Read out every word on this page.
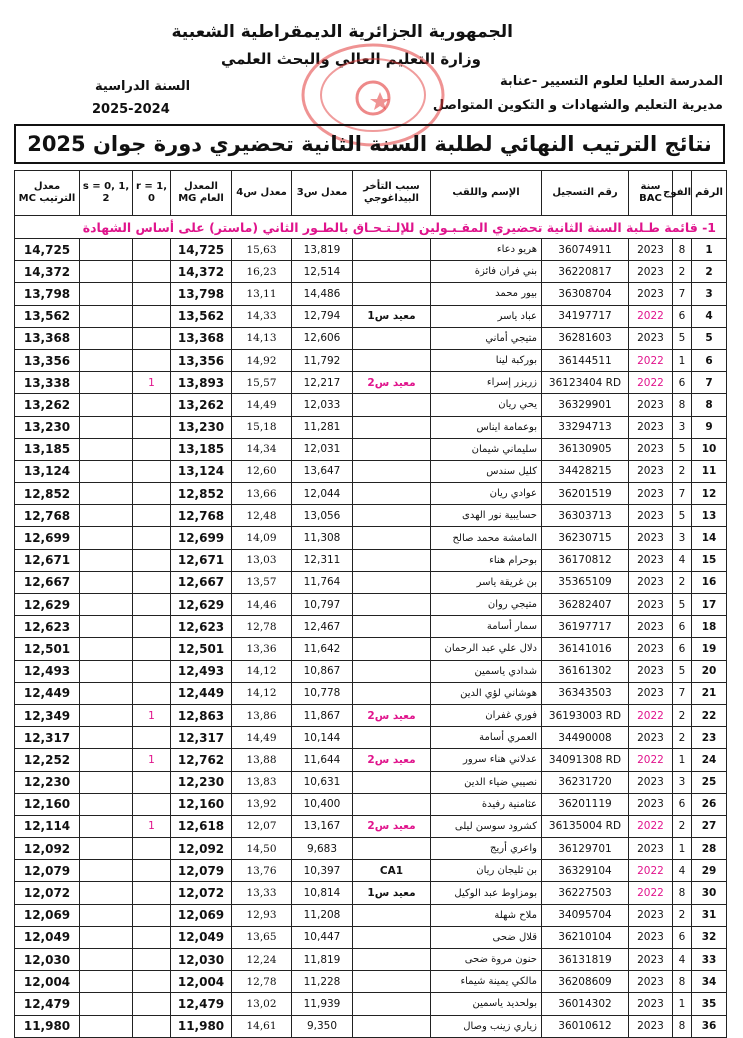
الجمهورية الجزائرية الديمقراطية الشعبية
وزارة التعليم العالي والبحث العلمي
المدرسة العليا لعلوم التسيير -عنابة
مديرية التعليم والشهادات و التكوين المتواصل
السنة الدراسية
2025-2024
نتائج الترتيب النهائي لطلبة السنة الثانية تحضيري دورة جوان 2025
الرقم	الفوج	سنة BAC	رقم التسجيل	الإسم واللقب	سبب التأخر البيداغوجي	معدل س3	معدل س4	المعدل العام MG	r = 1, 0	s = 0, 1, 2	معدل الترتيب MC
1- قائمة طـلبة السنة الثانية تحضيري المقـبـولين للإلـتـحـاق بالطـور الثاني (ماستر) على أساس الشهادة											
1	8	2023	36074911	هريو دعاء		13,819	15,63	14,725			14,725
2	2	2023	36220817	بني فران فائزة		12,514	16,23	14,372			14,372
3	7	2023	36308704	بيور محمد		14,486	13,11	13,798			13,798
4	6	2022	34197717	عباد ياسر	معيد س1	12,794	14,33	13,562			13,562
5	5	2023	36281603	متيجي أماني		12,606	14,13	13,368			13,368
6	1	2022	36144511	بوركبة لينا		11,792	14,92	13,356			13,356
7	6	2022	36123404 RD	زريزر إسراء	معيد س2	12,217	15,57	13,893	1		13,338
8	8	2023	36329901	يحي ريان		12,033	14,49	13,262			13,262
9	3	2023	33294713	بوعمامة ايناس		11,281	15,18	13,230			13,230
10	5	2023	36130905	سليماني شيمان		12,031	14,34	13,185			13,185
11	2	2023	34428215	كليل سندس		13,647	12,60	13,124			13,124
12	7	2023	36201519	عوادي ريان		12,044	13,66	12,852			12,852
13	5	2023	36303713	حسايبية نور الهدى		13,056	12,48	12,768			12,768
14	3	2023	36230715	المامشة محمد صالح		11,308	14,09	12,699			12,699
15	4	2023	36170812	بوحرام هناء		12,311	13,03	12,671			12,671
16	2	2023	35365109	بن غريقة ياسر		11,764	13,57	12,667			12,667
17	5	2023	36282407	متيجي روان		10,797	14,46	12,629			12,629
18	6	2023	36197717	سمار أسامة		12,467	12,78	12,623			12,623
19	6	2023	36141016	دلال علي عبد الرحمان		11,642	13,36	12,501			12,501
20	5	2023	36161302	شدادي ياسمين		10,867	14,12	12,493			12,493
21	7	2023	36343503	هوشاني لؤي الدين		10,778	14,12	12,449			12,449
22	2	2022	36193003 RD	فوري غفران	معيد س2	11,867	13,86	12,863	1		12,349
23	2	2023	34490008	العمري أسامة		10,144	14,49	12,317			12,317
24	1	2022	34091308 RD	عدلاني هناء سرور	معيد س2	11,644	13,88	12,762	1		12,252
25	3	2023	36231720	نصيبي ضياء الدين		10,631	13,83	12,230			12,230
26	6	2023	36201119	عثامنية رفيدة		10,400	13,92	12,160			12,160
27	2	2022	36135004 RD	كشرود سوسن ليلى	معيد س2	13,167	12,07	12,618	1		12,114
28	1	2023	36129701	واعري أريج		9,683	14,50	12,092			12,092
29	4	2022	36329104	بن ثليجان ريان	CA1	10,397	13,76	12,079			12,079
30	8	2022	36227503	بومزاوط عبد الوكيل	معيد س1	10,814	13,33	12,072			12,072
31	2	2023	34095704	ملاح شهلة		11,208	12,93	12,069			12,069
32	6	2023	36210104	قلال ضحى		10,447	13,65	12,049			12,049
33	4	2023	36131819	حنون مروة ضحى		11,819	12,24	12,030			12,030
34	8	2023	36208609	مالكي يمينة شيماء		11,228	12,78	12,004			12,004
35	1	2023	36014302	بولحديد ياسمين		11,939	13,02	12,479			12,479
36	8	2023	36010612	زياري زينب وصال		9,350	14,61	11,980			11,980
